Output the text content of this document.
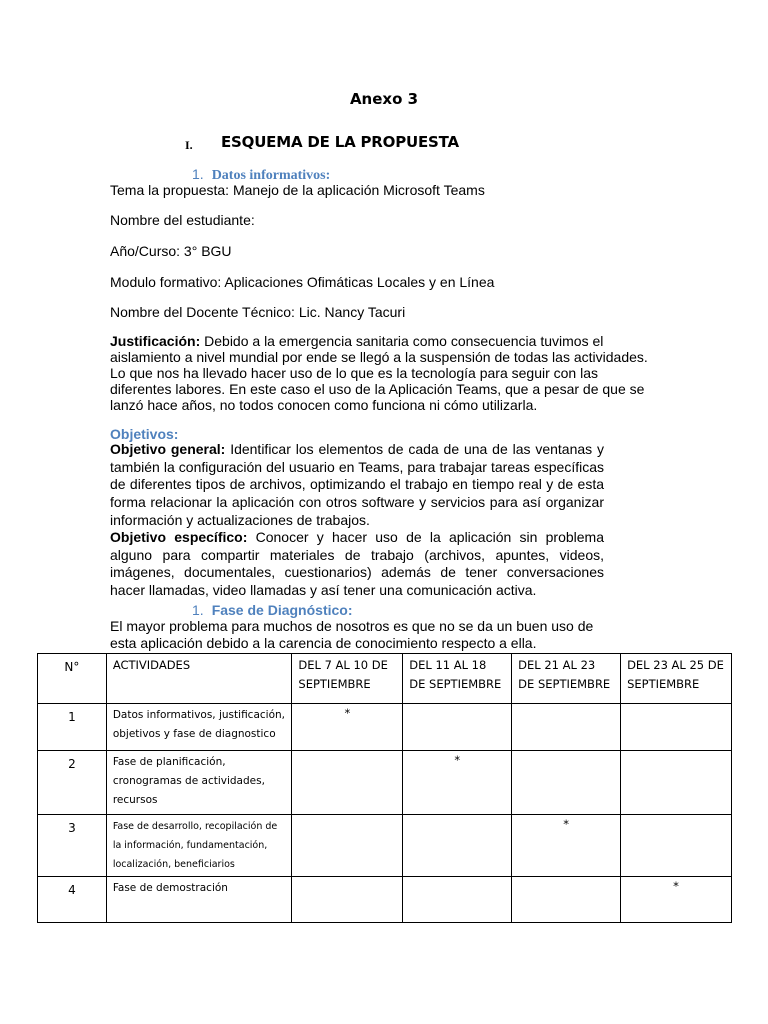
Anexo 3
I. ESQUEMA DE LA PROPUESTA
1. Datos informativos:
Tema la propuesta: Manejo de la aplicación Microsoft Teams
Nombre del estudiante:
Año/Curso: 3° BGU
Modulo formativo: Aplicaciones Ofimáticas Locales y en Línea
Nombre del Docente Técnico: Lic. Nancy Tacuri
Justificación: Debido a la emergencia sanitaria como consecuencia tuvimos el aislamiento a nivel mundial por ende se llegó a la suspensión de todas las actividades. Lo que nos ha llevado hacer uso de lo que es la tecnología para seguir con las diferentes labores. En este caso el uso de la Aplicación Teams, que a pesar de que se lanzó hace años, no todos conocen como funciona ni cómo utilizarla.
Objetivos:
Objetivo general: Identificar los elementos de cada de una de las ventanas y también la configuración del usuario en Teams, para trabajar tareas específicas de diferentes tipos de archivos, optimizando el trabajo en tiempo real y de esta forma relacionar la aplicación con otros software y servicios para así organizar información y actualizaciones de trabajos.
Objetivo específico: Conocer y hacer uso de la aplicación sin problema alguno para compartir materiales de trabajo (archivos, apuntes, videos, imágenes, documentales, cuestionarios) además de tener conversaciones hacer llamadas, video llamadas y así tener una comunicación activa.
1. Fase de Diagnóstico:
El mayor problema para muchos de nosotros es que no se da un buen uso de esta aplicación debido a la carencia de conocimiento respecto a ella.
N°	ACTIVIDADES	DEL 7 AL 10 DE SEPTIEMBRE	DEL 11 AL 18 DE SEPTIEMBRE	DEL 21 AL 23 DE SEPTIEMBRE	DEL 23 AL 25 DE SEPTIEMBRE
1	Datos informativos, justificación, objetivos y fase de diagnostico	*			
2	Fase de planificación, cronogramas de actividades, recursos		*		
3	Fase de desarrollo, recopilación de la información, fundamentación, localización, beneficiarios			*	
4	Fase de demostración				*
